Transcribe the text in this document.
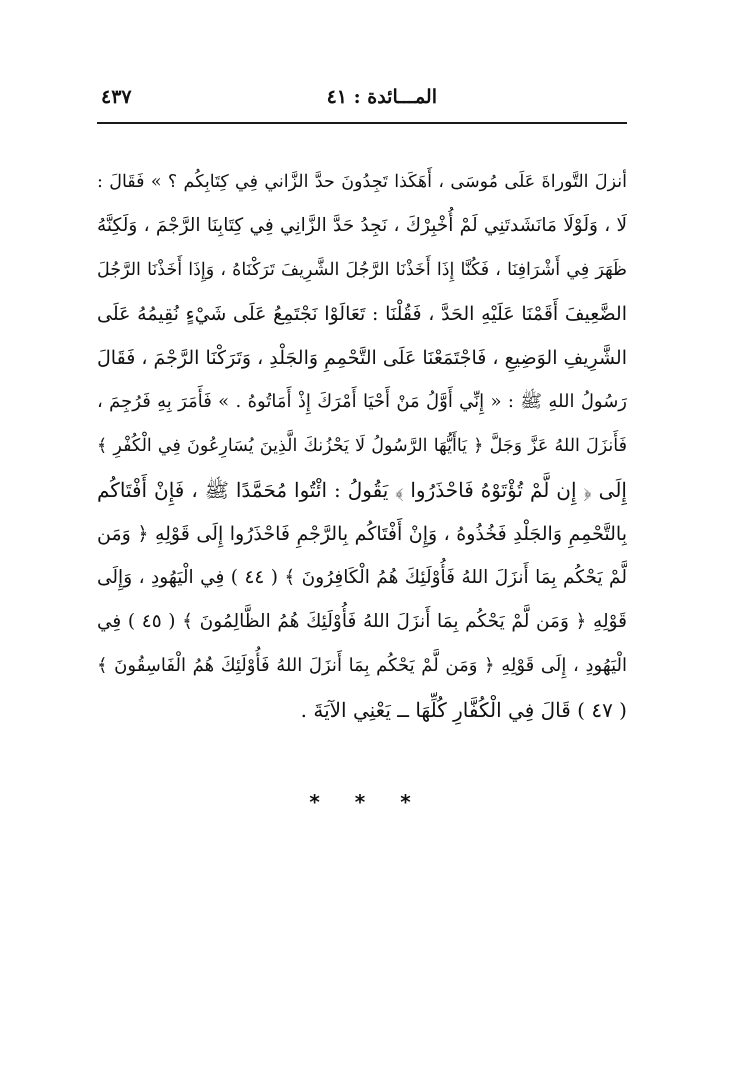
المـــائدة : ٤١
٤٣٧
أنزلَ التَّوراةَ عَلَى مُوسَى ، أَهَكَذا تَجِدُونَ حدَّ الزَّاني فِي كِتَابِكُم ؟ » فَقَالَ :
لَا ، وَلَوْلَا مَانَشَدتَنِي لَمْ أُخْبِرْكَ ، نَجِدُ حَدَّ الزَّانِي فِي كِتَابِنَا الرَّجْمَ ، وَلَكِنَّهُ
ظَهَرَ فِي أَشْرَافِنَا ، فَكُنَّا إِذَا أَخَذْنَا الرَّجُلَ الشَّرِيفَ تَرَكْنَاهُ ، وَإِذَا أَخَذْنَا الرَّجُلَ
الضَّعِيفَ أَقَمْنَا عَلَيْهِ الحَدَّ ، فَقُلْنَا : تَعَالَوْا نَجْتَمِعُ عَلَى شَيْءٍ نُقِيمُهُ عَلَى
الشَّرِيفِ الوَضِيعِ ، فَاجْتَمَعْنَا عَلَى التَّحْمِمِ وَالجَلْدِ ، وَتَرَكْنَا الرَّجْمَ ، فَقَالَ
رَسُولُ اللهِ ﷺ : « إِنِّي أَوَّلُ مَنْ أَحْيَا أَمْرَكَ إِذْ أَمَاتُوهُ . » فَأَمَرَ بِهِ فَرُجِمَ ،
فَأَنزَلَ اللهُ عَزَّ وَجَلَّ ﴿ يَاأَيُّهَا الرَّسُولُ لَا يَحْزُنكَ الَّذِينَ يُسَارِعُونَ فِي الْكُفْرِ ﴾
إِلَى ﴿ إِن لَّمْ تُؤْتَوْهُ فَاحْذَرُوا ﴾ يَقُولُ : ائْتُوا مُحَمَّدًا ﷺ ، فَإِنْ أَفْتَاكُم
بِالتَّحْمِمِ وَالجَلْدِ فَخُذُوهُ ، وَإِنْ أَفْتَاكُم بِالرَّجْمِ فَاحْذَرُوا إِلَى قَوْلِهِ ﴿ وَمَن
لَّمْ يَحْكُم بِمَا أَنزَلَ اللهُ فَأُوْلَئِكَ هُمُ الْكَافِرُونَ ﴾ ( ٤٤ ) فِي الْيَهُودِ ، وَإِلَى
قَوْلِهِ ﴿ وَمَن لَّمْ يَحْكُم بِمَا أَنزَلَ اللهُ فَأُوْلَئِكَ هُمُ الظَّالِمُونَ ﴾ ( ٤٥ ) فِي
الْيَهُودِ ، إِلَى قَوْلِهِ ﴿ وَمَن لَّمْ يَحْكُم بِمَا أَنزَلَ اللهُ فَأُوْلَئِكَ هُمُ الْفَاسِقُونَ ﴾
( ٤٧ ) قَالَ فِي الْكُفَّارِ كُلِّهَا ــ يَعْنِي الآيَةَ .
* * *
